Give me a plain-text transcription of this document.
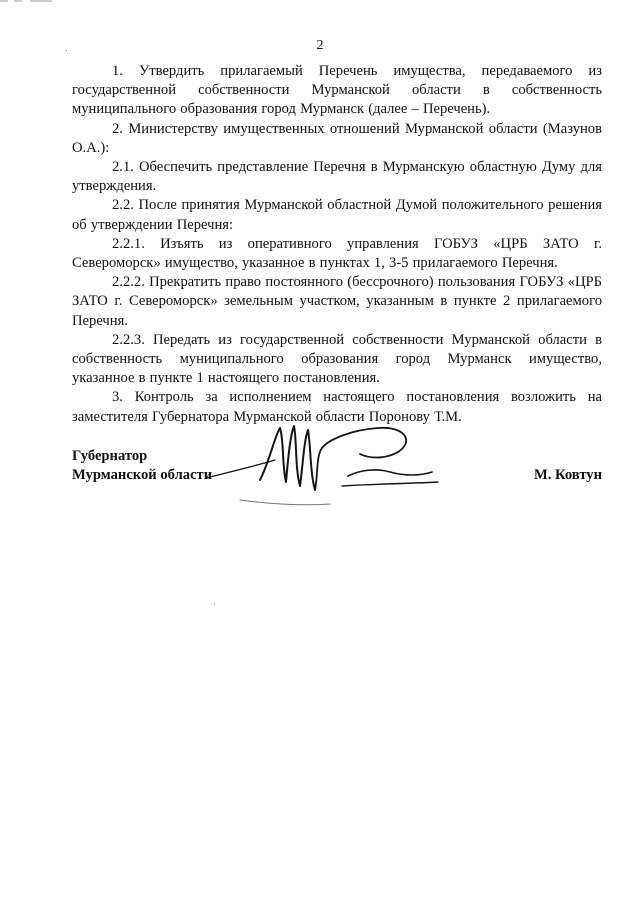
2

1. Утвердить прилагаемый Перечень имущества, передаваемого из государственной собственности Мурманской области в собственность муниципального образования город Мурманск (далее – Перечень).

2. Министерству имущественных отношений Мурманской области (Мазунов О.А.):

2.1. Обеспечить представление Перечня в Мурманскую областную Думу для утверждения.

2.2. После принятия Мурманской областной Думой положительного решения об утверждении Перечня:

2.2.1. Изъять из оперативного управления ГОБУЗ «ЦРБ ЗАТО г. Североморск» имущество, указанное в пунктах 1, 3-5 прилагаемого Перечня.

2.2.2. Прекратить право постоянного (бессрочного) пользования ГОБУЗ «ЦРБ ЗАТО г. Североморск» земельным участком, указанным в пункте 2 прилагаемого Перечня.

2.2.3. Передать из государственной собственности Мурманской области в собственность муниципального образования город Мурманск имущество, указанное в пункте 1 настоящего постановления.

3. Контроль за исполнением настоящего постановления возложить на заместителя Губернатора Мурманской области Поронову Т.М.

Губернатор
Мурманской области	М. Ковтун
